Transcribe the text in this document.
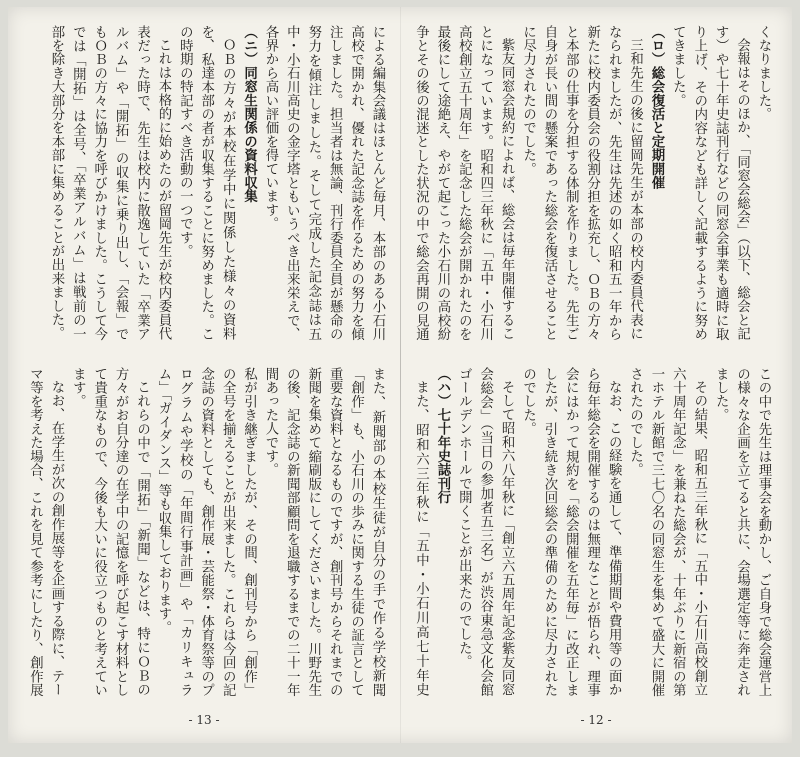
による編集会議はほとんど毎月、本部のある小石川高校で開かれ、優れた記念誌を作るための努力を傾注しました。担当者は無論、刊行委員全員が懸命の努力を傾注しました。そして完成した記念誌は五中・小石川高史の金字塔ともいうべき出来栄えで、各界から高い評価を得ています。

（ニ）同窓生関係の資料収集

ＯＢの方々が本校在学中に関係した様々の資料を、私達本部の者が収集することに努めました。この時期の特記すべき活動の一つです。

これは本格的に始めたのが留岡先生が校内委員代表だった時で、先生は校内に散逸していた「卒業アルバム」や「開拓」の収集に乗り出し、「会報」でもＯＢの方々に協力を呼びかけました。こうして今では「開拓」は全号、「卒業アルバム」は戦前の一部を除き大部分を本部に集めることが出来ました。

また、新聞部の本校生徒が自分の手で作る学校新聞「創作」も、小石川の歩みに関する生徒の証言として重要な資料となるものですが、創刊号からそれまでの新聞を集めて縮刷版にしてくださいました。川野先生の後、記念誌の新聞部顧問を退職するまでの二十一年間あった人です。

私が引き継ぎましたが、その間、創刊号から「創作」の全号を揃えることが出来ました。これらは今回の記念誌の資料としても、創作展・芸能祭・体育祭等のプログラムや学校の「年間行事計画」や「カリキュラム」「ガイダンス」等も収集しております。

これらの中で「開拓」「新聞」などは、特にＯＢの方々がお自分達の在学中の記憶を呼び起こす材料として貴重なもので、今後も大いに役立つものと考えています。

なお、在学生が次の創作展等を企画する際に、テーマ等を考えた場合、これを見て参考にしたり、創作展

- 13 -

くなりました。

会報はそのほか、「同窓会総会」（以下、総会と記す）や七十年史誌刊行などの同窓会事業も適時に取り上げ、その内容なども詳しく記載するように努めてきました。

（ロ）総会復活と定期開催

三和先生の後に留岡先生が本部の校内委員代表になられましたが、先生は先述の如く昭和五一年から新たに校内委員会の役割分担を拡充し、ＯＢの方々と本部の仕事を分担する体制を作りました。先生ご自身が長い間の懸案であった総会を復活させることに尽力されたのでした。

紫友同窓会規約によれば、総会は毎年開催することになっています。昭和四三年秋に「五中・小石川高校創立五十周年」を記念した総会が開かれたのを最後にして途絶え、やがて起こった小石川の高校紛争とその後の混迷とした状況の中で総会再開の見通

この中で先生は理事会を動かし、ご自身で総会運営上の様々な企画を立てると共に、会場選定等に奔走されました。

その結果、昭和五三年秋に「五中・小石川高校創立六十周年記念」を兼ねた総会が、十年ぶりに新宿の第一ホテル新館で三七〇名の同窓生を集めて盛大に開催されたのでした。

なお、この経験を通して、準備期間や費用等の面から毎年総会を開催するのは無理なことが悟られ、理事会にはかって規約を「総会開催を五年毎」に改正しましたが、引き続き次回総会の準備のために尽力されたのでした。

そして昭和六八年秋に「創立六五周年記念紫友同窓会総会」（当日の参加者五三名）が渋谷東急文化会館ゴールデンホールで開くことが出来たのでした。

（ハ）七十年史誌刊行

また、昭和六三年秋に「五中・小石川高七十年史

- 12 -
